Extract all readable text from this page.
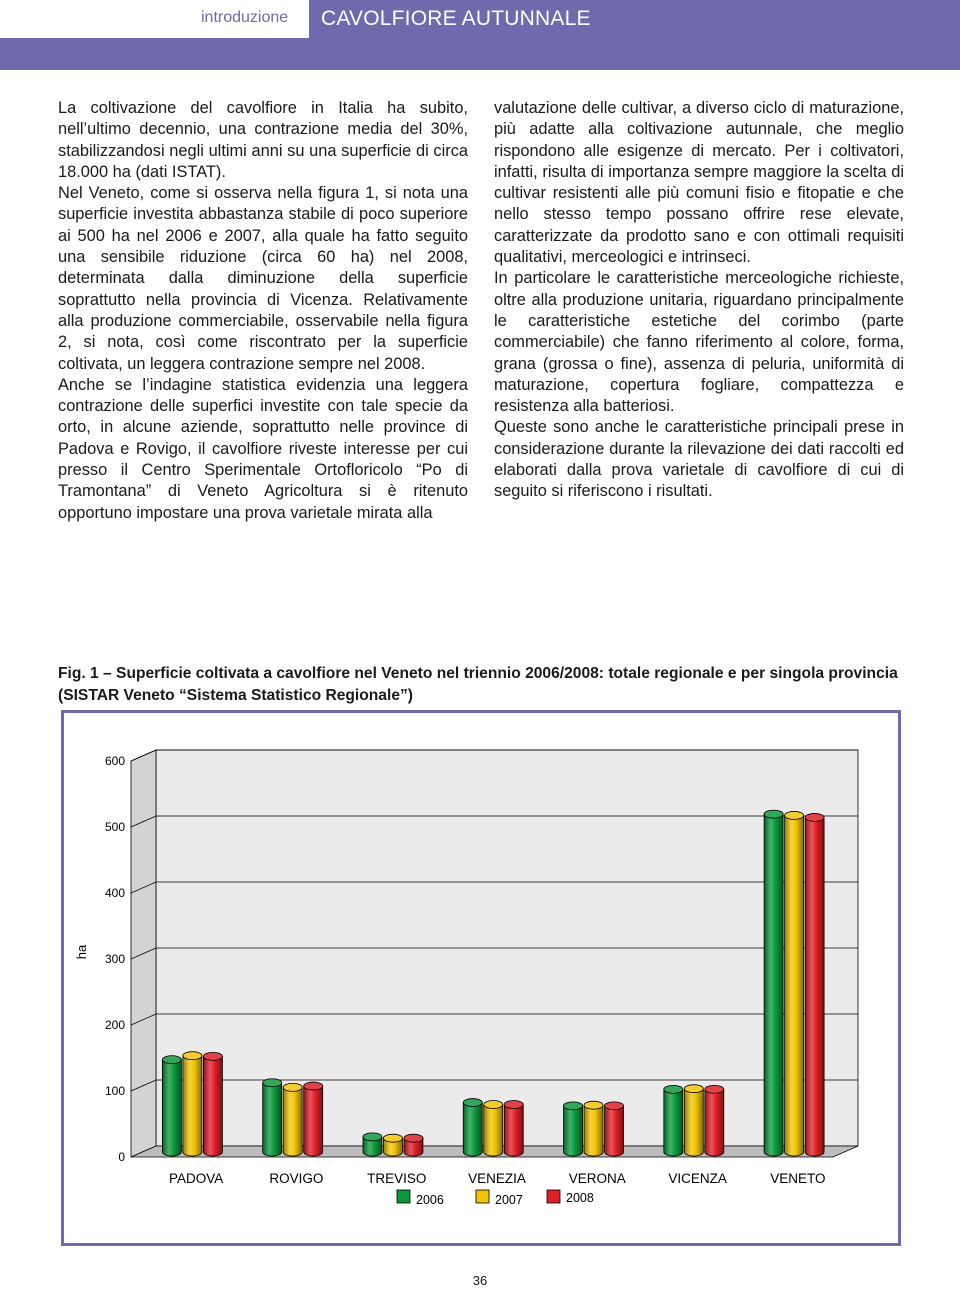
introduzione CAVOLFIORE AUTUNNALE

La coltivazione del cavolfiore in Italia ha subito, nell’ultimo decennio, una contrazione media del 30%, stabilizzandosi negli ultimi anni su una superficie di circa 18.000 ha (dati ISTAT).

Nel Veneto, come si osserva nella figura 1, si nota una superficie investita abbastanza stabile di poco superiore ai 500 ha nel 2006 e 2007, alla quale ha fatto seguito una sensibile riduzione (circa 60 ha) nel 2008, determinata dalla diminuzione della superficie soprattutto nella provincia di Vicenza. Relativamente alla produzione commerciabile, osservabile nella figura 2, si nota, così come riscontrato per la superficie coltivata, un leggera contrazione sempre nel 2008.

Anche se l’indagine statistica evidenzia una leggera contrazione delle superfici investite con tale specie da orto, in alcune aziende, soprattutto nelle province di Padova e Rovigo, il cavolfiore riveste interesse per cui presso il Centro Sperimentale Ortofloricolo “Po di Tramontana” di Veneto Agricoltura si è ritenuto opportuno impostare una prova varietale mirata alla

valutazione delle cultivar, a diverso ciclo di maturazione, più adatte alla coltivazione autunnale, che meglio rispondono alle esigenze di mercato. Per i coltivatori, infatti, risulta di importanza sempre maggiore la scelta di cultivar resistenti alle più comuni fisio e fitopatie e che nello stesso tempo possano offrire rese elevate, caratterizzate da prodotto sano e con ottimali requisiti qualitativi, merceologici e intrinseci.

In particolare le caratteristiche merceologiche richieste, oltre alla produzione unitaria, riguardano principalmente le caratteristiche estetiche del corimbo (parte commerciabile) che fanno riferimento al colore, forma, grana (grossa o fine), assenza di peluria, uniformità di maturazione, copertura fogliare, compattezza e resistenza alla batteriosi.

Queste sono anche le caratteristiche principali prese in considerazione durante la rilevazione dei dati raccolti ed elaborati dalla prova varietale di cavolfiore di cui di seguito si riferiscono i risultati.

Fig. 1 – Superficie coltivata a cavolfiore nel Veneto nel triennio 2006/2008: totale regionale e per singola provincia (SISTAR Veneto “Sistema Statistico Regionale”)
0
100
200
300
400
500
600
ha
PADOVA	ROVIGO	TREVISO	VENEZIA	VERONA	VICENZA	VENETO
2006	2007	2008
36
